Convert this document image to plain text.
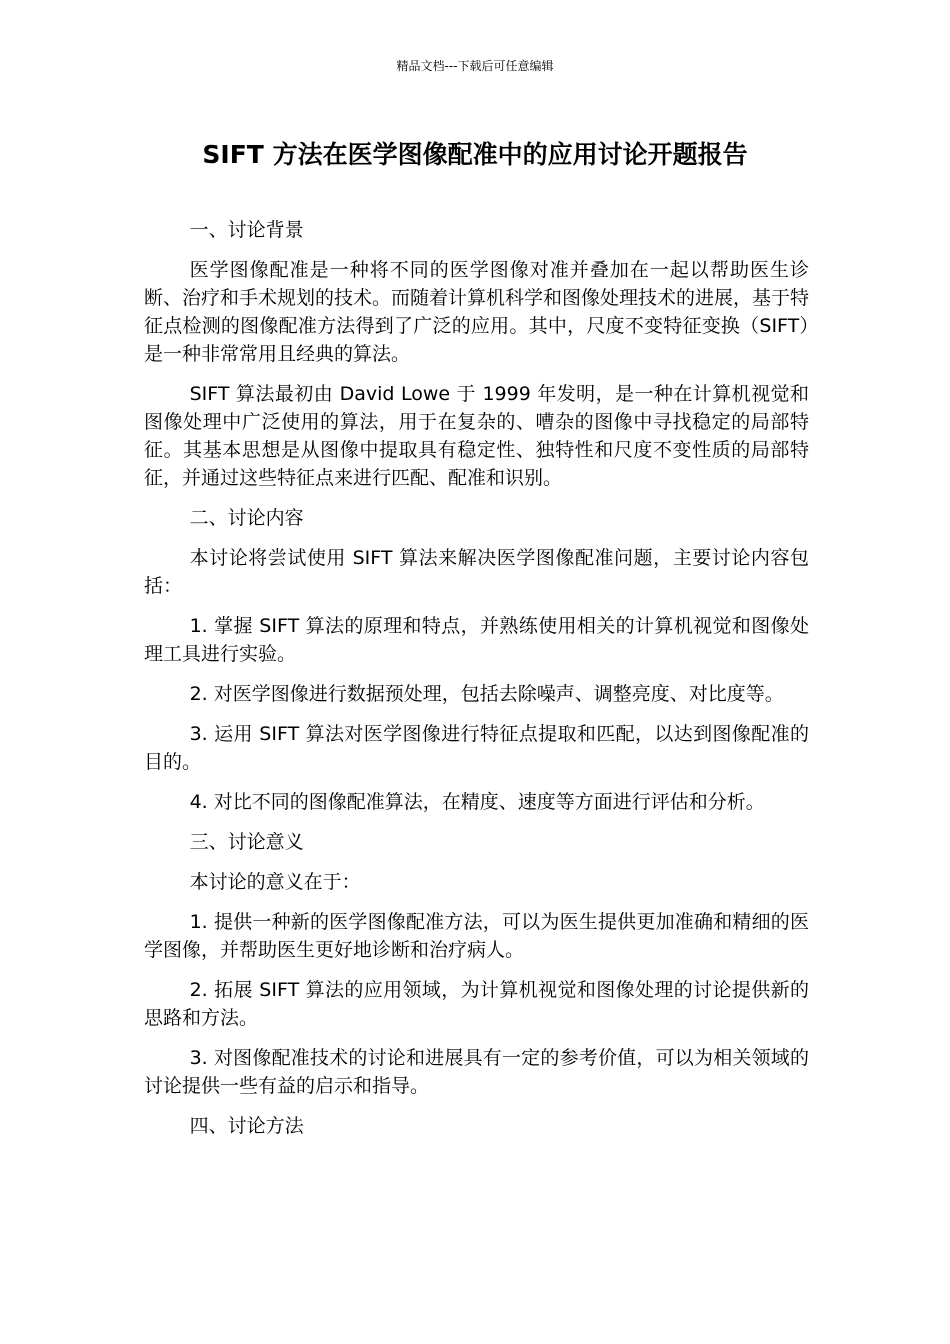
精品文档---下载后可任意编辑
SIFT 方法在医学图像配准中的应用讨论开题报告

一、讨论背景

医学图像配准是一种将不同的医学图像对准并叠加在一起以帮助医生诊断、治疗和手术规划的技术。而随着计算机科学和图像处理技术的进展，基于特征点检测的图像配准方法得到了广泛的应用。其中，尺度不变特征变换（SIFT）是一种非常常用且经典的算法。

SIFT 算法最初由 David Lowe 于 1999 年发明，是一种在计算机视觉和图像处理中广泛使用的算法，用于在复杂的、嘈杂的图像中寻找稳定的局部特征。其基本思想是从图像中提取具有稳定性、独特性和尺度不变性质的局部特征，并通过这些特征点来进行匹配、配准和识别。

二、讨论内容

本讨论将尝试使用 SIFT 算法来解决医学图像配准问题，主要讨论内容包括：

1. 掌握 SIFT 算法的原理和特点，并熟练使用相关的计算机视觉和图像处理工具进行实验。

2. 对医学图像进行数据预处理，包括去除噪声、调整亮度、对比度等。

3. 运用 SIFT 算法对医学图像进行特征点提取和匹配，以达到图像配准的目的。

4. 对比不同的图像配准算法，在精度、速度等方面进行评估和分析。

三、讨论意义

本讨论的意义在于：

1. 提供一种新的医学图像配准方法，可以为医生提供更加准确和精细的医学图像，并帮助医生更好地诊断和治疗病人。

2. 拓展 SIFT 算法的应用领域，为计算机视觉和图像处理的讨论提供新的思路和方法。

3. 对图像配准技术的讨论和进展具有一定的参考价值，可以为相关领域的讨论提供一些有益的启示和指导。

四、讨论方法
